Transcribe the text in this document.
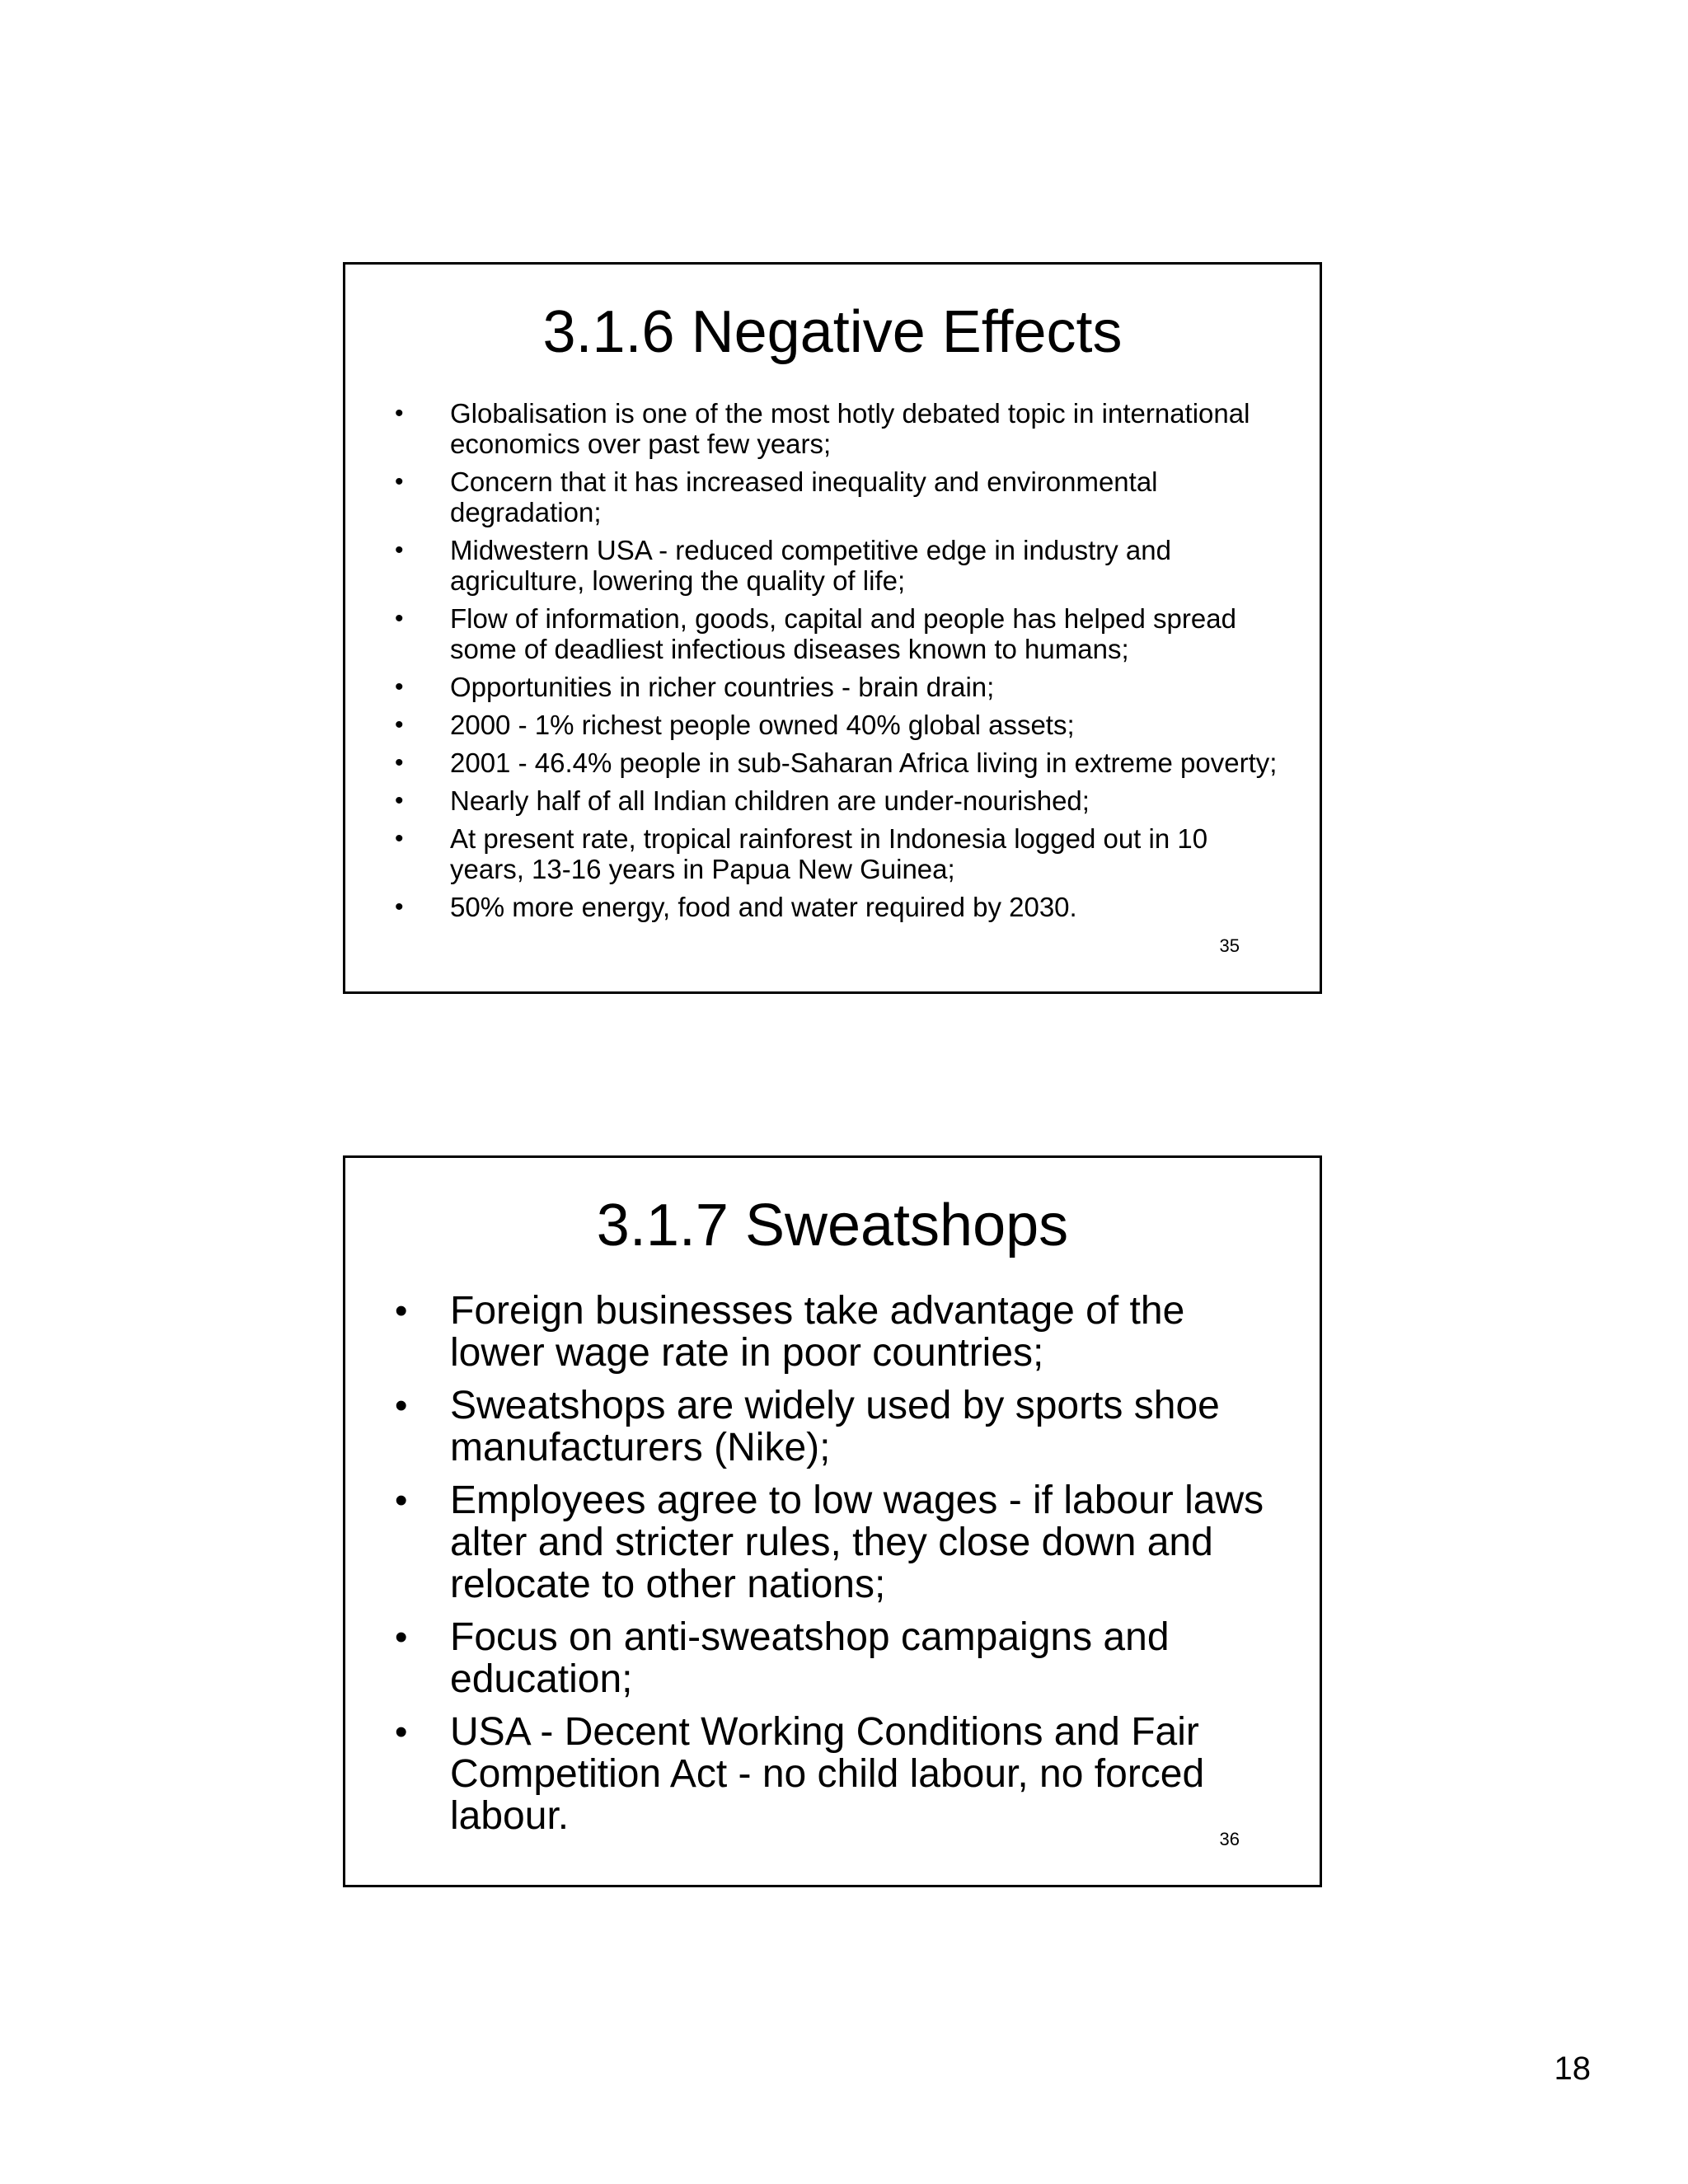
3.1.6 Negative Effects
• Globalisation is one of the most hotly debated topic in international economics over past few years;
• Concern that it has increased inequality and environmental degradation;
• Midwestern USA - reduced competitive edge in industry and agriculture, lowering the quality of life;
• Flow of information, goods, capital and people has helped spread some of deadliest infectious diseases known to humans;
• Opportunities in richer countries - brain drain;
• 2000 - 1% richest people owned 40% global assets;
• 2001 - 46.4% people in sub-Saharan Africa living in extreme poverty;
• Nearly half of all Indian children are under-nourished;
• At present rate, tropical rainforest in Indonesia logged out in 10 years, 13-16 years in Papua New Guinea;
• 50% more energy, food and water required by 2030.
35
3.1.7 Sweatshops
• Foreign businesses take advantage of the lower wage rate in poor countries;
• Sweatshops are widely used by sports shoe manufacturers (Nike);
• Employees agree to low wages - if labour laws alter and stricter rules, they close down and relocate to other nations;
• Focus on anti-sweatshop campaigns and education;
• USA - Decent Working Conditions and Fair Competition Act - no child labour, no forced labour.
36
18
